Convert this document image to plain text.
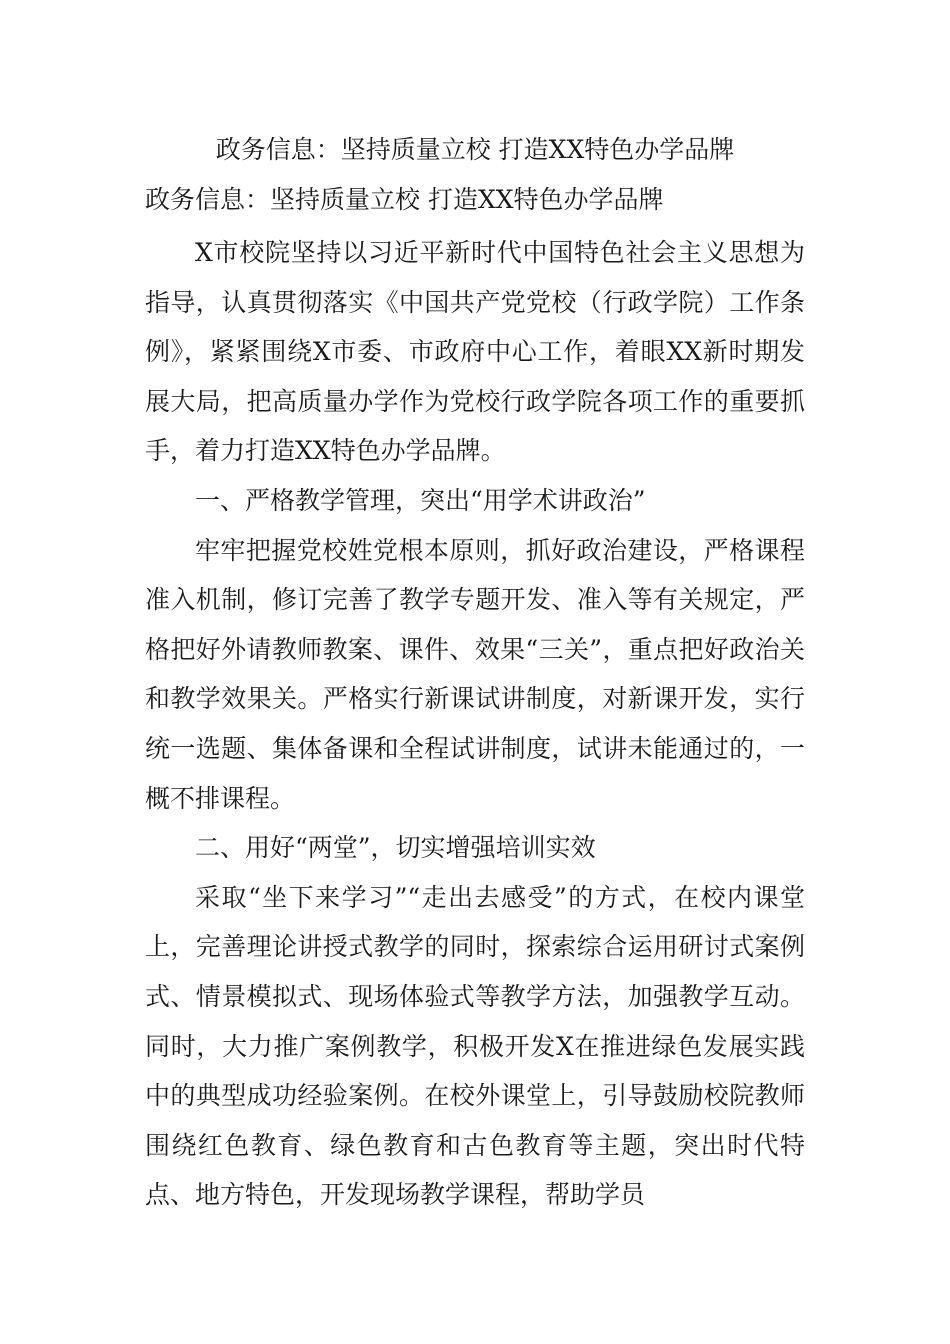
政务信息：坚持质量立校 打造XX特色办学品牌
政务信息：坚持质量立校 打造XX特色办学品牌

X市校院坚持以习近平新时代中国特色社会主义思想为指导，认真贯彻落实《中国共产党党校（行政学院）工作条例》，紧紧围绕X市委、市政府中心工作，着眼XX新时期发展大局，把高质量办学作为党校行政学院各项工作的重要抓手，着力打造XX特色办学品牌。

一、严格教学管理，突出“用学术讲政治”

牢牢把握党校姓党根本原则，抓好政治建设，严格课程准入机制，修订完善了教学专题开发、准入等有关规定，严格把好外请教师教案、课件、效果“三关”，重点把好政治关和教学效果关。严格实行新课试讲制度，对新课开发，实行统一选题、集体备课和全程试讲制度，试讲未能通过的，一概不排课程。

二、用好“两堂”，切实增强培训实效

采取“坐下来学习”“走出去感受”的方式，在校内课堂上，完善理论讲授式教学的同时，探索综合运用研讨式案例式、情景模拟式、现场体验式等教学方法，加强教学互动。同时，大力推广案例教学，积极开发X在推进绿色发展实践中的典型成功经验案例。在校外课堂上，引导鼓励校院教师围绕红色教育、绿色教育和古色教育等主题，突出时代特点、地方特色，开发现场教学课程，帮助学员
